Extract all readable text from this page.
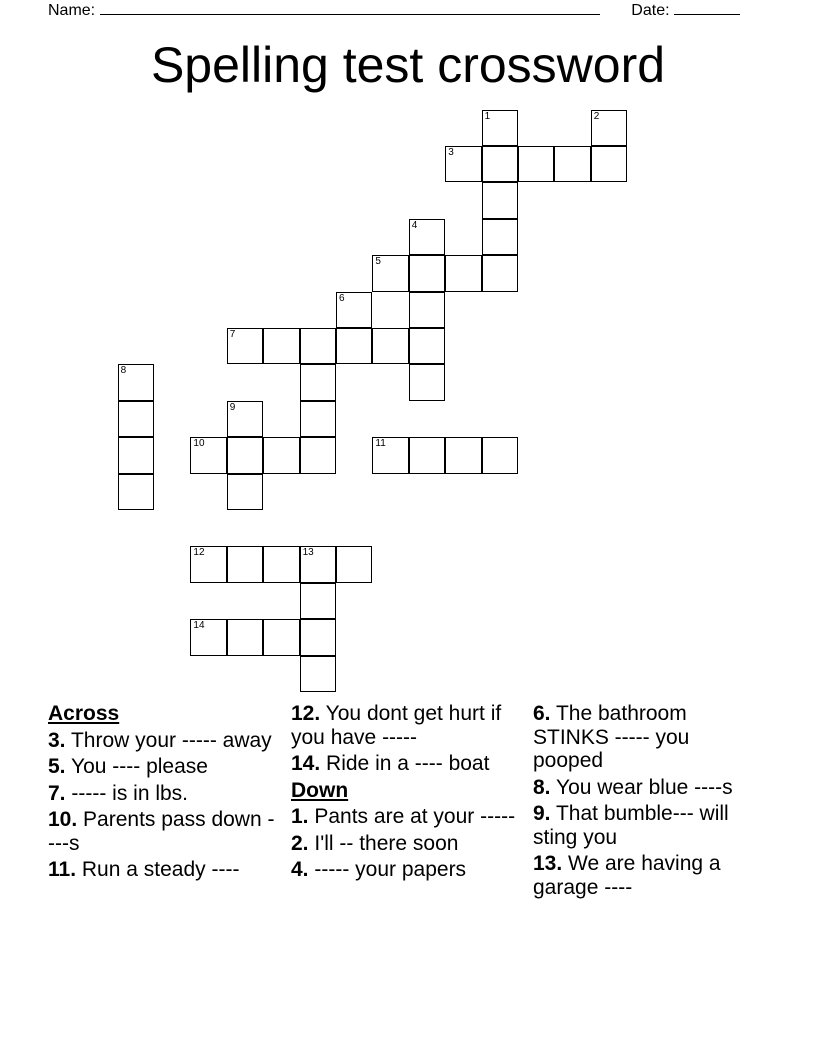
Name:	Date:
Spelling test crossword
1	2
3
4
5
6
7
8
9
10	11
12	13
14
Across
3. Throw your ----- away
5. You ---- please
7. ----- is in lbs.
10. Parents pass down ----s
11. Run a steady ----
12. You dont get hurt if you have -----
14. Ride in a ---- boat
Down
1. Pants are at your -----
2. I'll -- there soon
4. ----- your papers
6. The bathroom STINKS ----- you pooped
8. You wear blue ----s
9. That bumble--- will sting you
13. We are having a garage ----
